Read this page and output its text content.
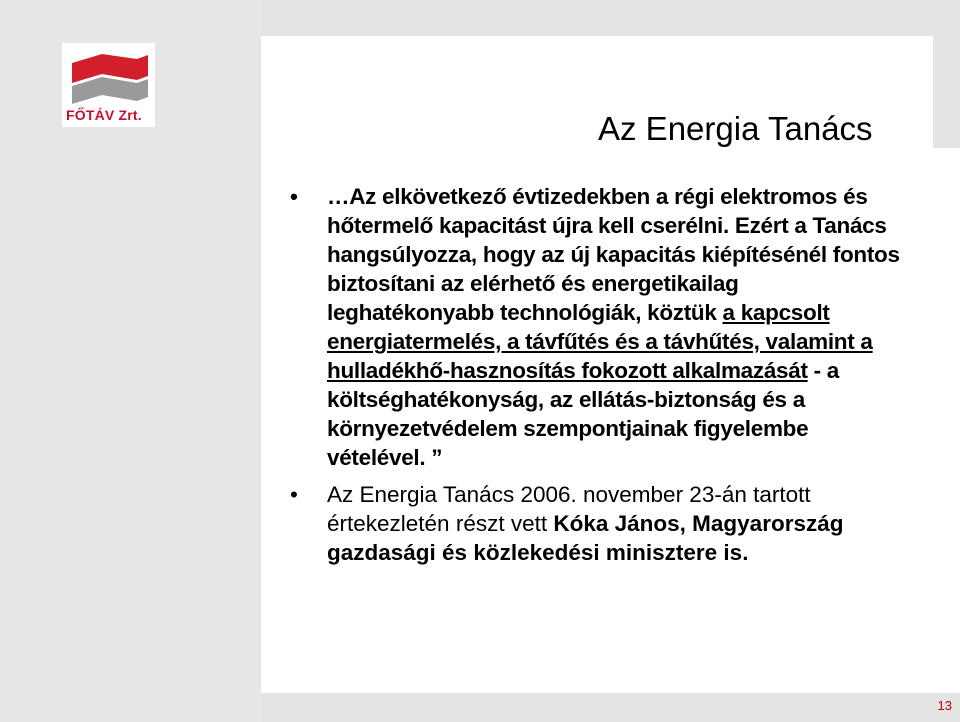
FŐTÁV Zrt.	Az Energia Tanács
• …Az elkövetkező évtizedekben a régi elektromos és hőtermelő kapacitást újra kell cserélni. Ezért a Tanács hangsúlyozza, hogy az új kapacitás kiépítésénél fontos biztosítani az elérhető és energetikailag leghatékonyabb technológiák, köztük a kapcsolt energiatermelés, a távfűtés és a távhűtés, valamint a hulladékhő-hasznosítás fokozott alkalmazását - a költséghatékonyság, az ellátás-biztonság és a környezetvédelem szempontjainak figyelembe vételével. ”
• Az Energia Tanács 2006. november 23-án tartott értekezletén részt vett Kóka János, Magyarország gazdasági és közlekedési minisztere is.
13
